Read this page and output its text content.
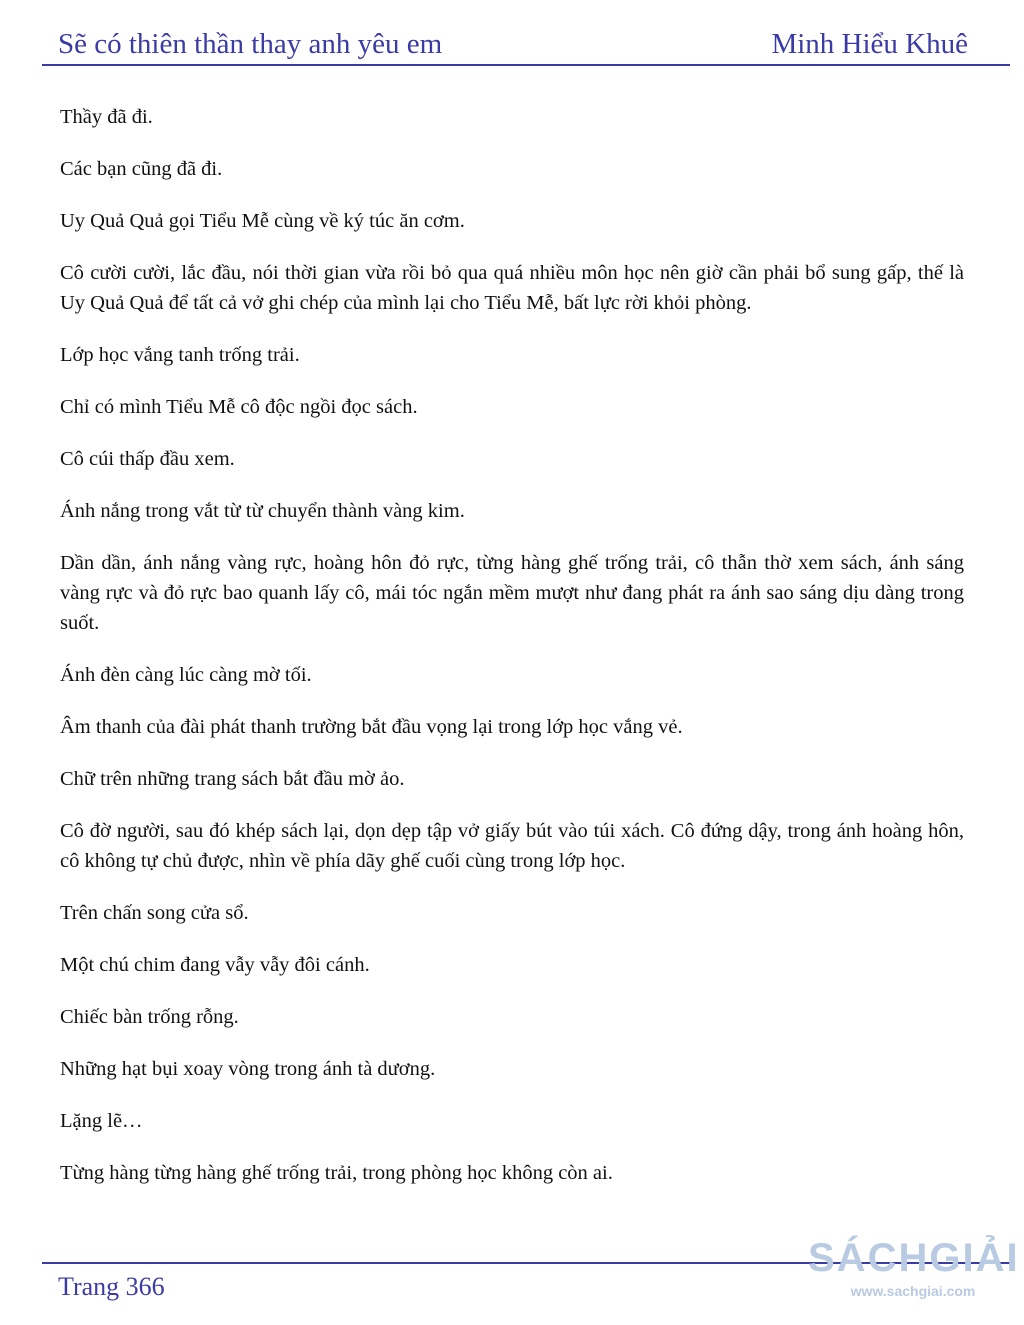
Sẽ có thiên thần thay anh yêu em	Minh Hiểu Khuê

Thầy đã đi.

Các bạn cũng đã đi.

Uy Quả Quả gọi Tiểu Mễ cùng về ký túc ăn cơm.

Cô cười cười, lắc đầu, nói thời gian vừa rồi bỏ qua quá nhiều môn học nên giờ cần phải bổ sung gấp, thế là Uy Quả Quả để tất cả vở ghi chép của mình lại cho Tiểu Mễ, bất lực rời khỏi phòng.

Lớp học vắng tanh trống trải.

Chỉ có mình Tiểu Mễ cô độc ngồi đọc sách.

Cô cúi thấp đầu xem.

Ánh nắng trong vắt từ từ chuyển thành vàng kim.

Dần dần, ánh nắng vàng rực, hoàng hôn đỏ rực, từng hàng ghế trống trải, cô thẫn thờ xem sách, ánh sáng vàng rực và đỏ rực bao quanh lấy cô, mái tóc ngắn mềm mượt như đang phát ra ánh sao sáng dịu dàng trong suốt.

Ánh đèn càng lúc càng mờ tối.

Âm thanh của đài phát thanh trường bắt đầu vọng lại trong lớp học vắng vẻ.

Chữ trên những trang sách bắt đầu mờ ảo.

Cô đờ người, sau đó khép sách lại, dọn dẹp tập vở giấy bút vào túi xách. Cô đứng dậy, trong ánh hoàng hôn, cô không tự chủ được, nhìn về phía dãy ghế cuối cùng trong lớp học.

Trên chấn song cửa sổ.

Một chú chim đang vẫy vẫy đôi cánh.

Chiếc bàn trống rỗng.

Những hạt bụi xoay vòng trong ánh tà dương.

Lặng lẽ…

Từng hàng từng hàng ghế trống trải, trong phòng học không còn ai.

Trang 366
SÁCHGIẢI
www.sachgiai.com
